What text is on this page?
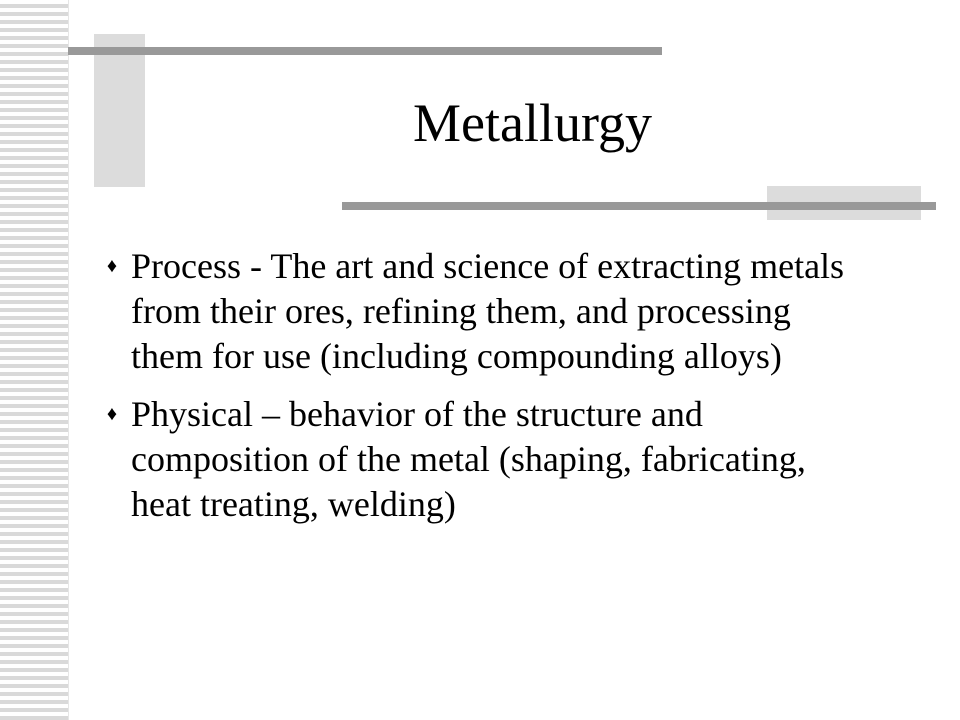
Metallurgy
♦ Process - The art and science of extracting metals from their ores, refining them, and processing them for use (including compounding alloys)
♦ Physical – behavior of the structure and composition of the metal (shaping, fabricating, heat treating, welding)
